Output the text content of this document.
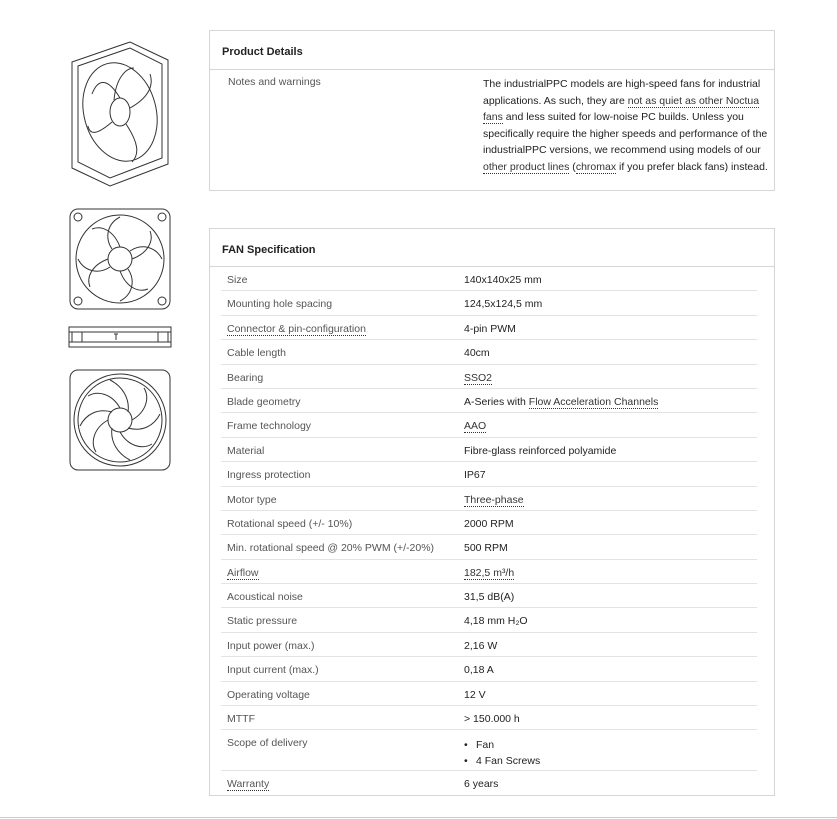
Product Details
Notes and warnings	The industrialPPC models are high-speed fans for industrial applications. As such, they are not as quiet as other Noctua fans and less suited for low-noise PC builds. Unless you specifically require the higher speeds and performance of the industrialPPC versions, we recommend using models of our other product lines (chromax if you prefer black fans) instead.
FAN Specification
Size	140x140x25 mm
Mounting hole spacing	124,5x124,5 mm
Connector & pin-configuration	4-pin PWM
Cable length	40cm
Bearing	SSO2
Blade geometry	A-Series with Flow Acceleration Channels
Frame technology	AAO
Material	Fibre-glass reinforced polyamide
Ingress protection	IP67
Motor type	Three-phase
Rotational speed (+/- 10%)	2000 RPM
Min. rotational speed @ 20% PWM (+/-20%)	500 RPM
Airflow	182,5 m³/h
Acoustical noise	31,5 dB(A)
Static pressure	4,18 mm H₂O
Input power (max.)	2,16 W
Input current (max.)	0,18 A
Operating voltage	12 V
MTTF	> 150.000 h
Scope of delivery
•	Fan
• 4 Fan Screws
Warranty	6 years
